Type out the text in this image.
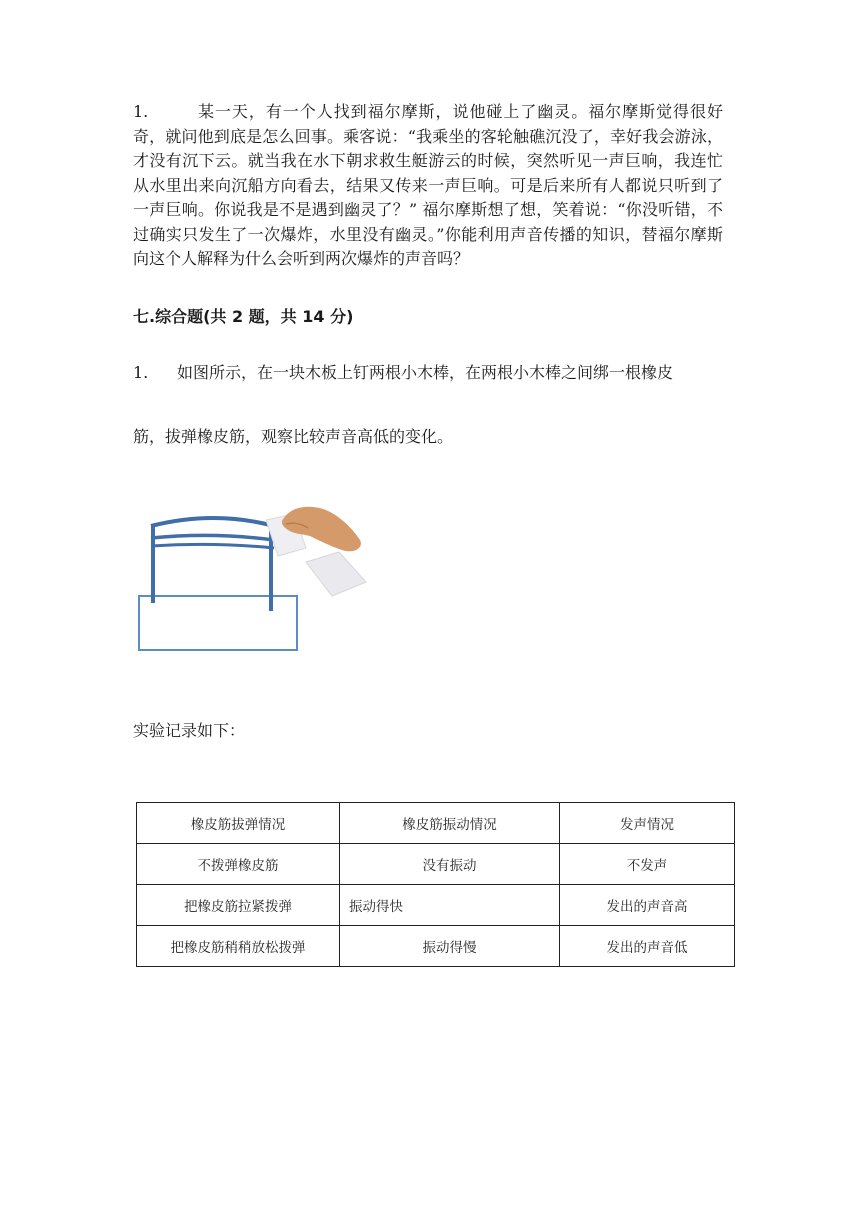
1.	某一天，有一个人找到福尔摩斯，说他碰上了幽灵。福尔摩斯觉得很好奇，就问他到底是怎么回事。乘客说：“我乘坐的客轮触礁沉没了，幸好我会游泳，才没有沉下云。就当我在水下朝求救生艇游云的时候，突然听见一声巨响，我连忙从水里出来向沉船方向看去，结果又传来一声巨响。可是后来所有人都说只听到了一声巨响。你说我是不是遇到幽灵了？” 福尔摩斯想了想，笑着说：“你没听错，不过确实只发生了一次爆炸，水里没有幽灵。”你能利用声音传播的知识，替福尔摩斯向这个人解释为什么会听到两次爆炸的声音吗？
七.综合题(共 2 题，共 14 分)
1. 如图所示，在一块木板上钉两根小木棒，在两根小木棒之间绑一根橡皮
筋，拔弹橡皮筋，观察比较声音高低的变化。
实验记录如下：
橡皮筋拔弹情况	橡皮筋振动情况	发声情况
不拨弹橡皮筋	没有振动	不发声
把橡皮筋拉紧拨弹	振动得快	发出的声音高
把橡皮筋稍稍放松拨弹	振动得慢	发出的声音低
